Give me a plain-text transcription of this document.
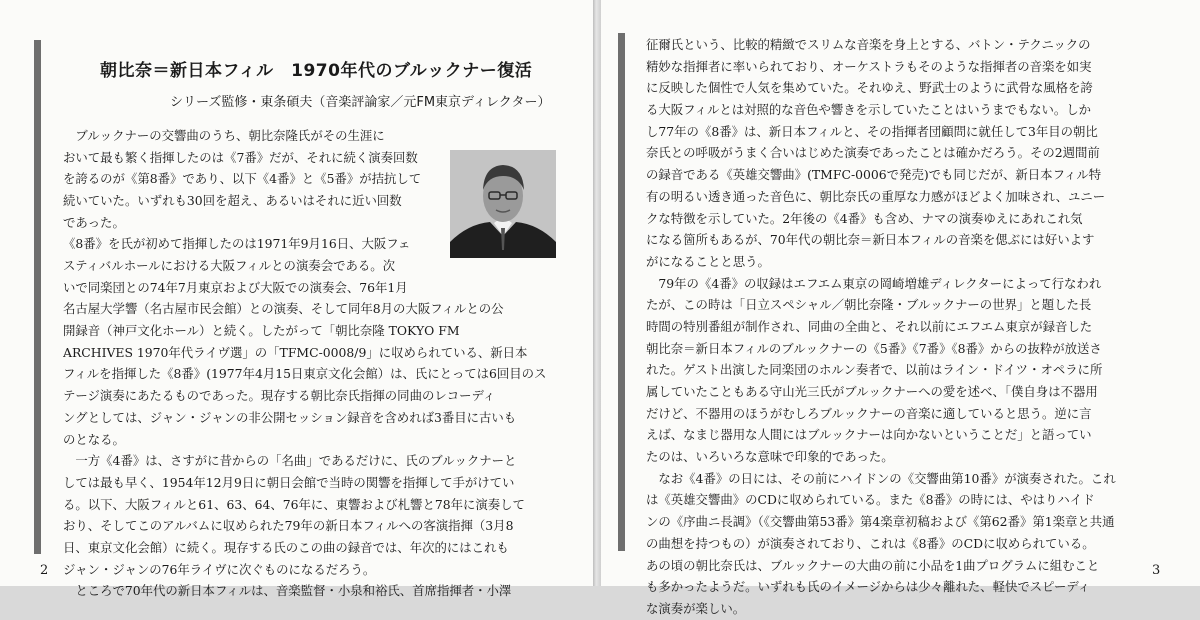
朝比奈＝新日本フィル　1970年代のブルックナー復活
シリーズ監修・東条碩夫（音楽評論家／元FM東京ディレクター）
　ブルックナーの交響曲のうち、朝比奈隆氏がその生涯に
おいて最も繁く指揮したのは《7番》だが、それに続く演奏回数
を誇るのが《第8番》であり、以下《4番》と《5番》が拮抗して
続いていた。いずれも30回を超え、あるいはそれに近い回数
であった。
《8番》を氏が初めて指揮したのは1971年9月16日、大阪フェ
スティバルホールにおける大阪フィルとの演奏会である。次
いで同楽団との74年7月東京および大阪での演奏会、76年1月
名古屋大学響（名古屋市民会館）との演奏、そして同年8月の大阪フィルとの公
開録音（神戸文化ホール）と続く。したがって「朝比奈隆 TOKYO FM
ARCHIVES 1970年代ライヴ選」の「TFMC-0008/9」に収められている、新日本
フィルを指揮した《8番》(1977年4月15日東京文化会館）は、氏にとっては6回目のス
テージ演奏にあたるものであった。現存する朝比奈氏指揮の同曲のレコーディ
ングとしては、ジャン・ジャンの非公開セッション録音を含めれば3番目に古いも
のとなる。
　一方《4番》は、さすがに昔からの「名曲」であるだけに、氏のブルックナーと
しては最も早く、1954年12月9日に朝日会館で当時の関響を指揮して手がけてい
る。以下、大阪フィルと61、63、64、76年に、東響および札響と78年に演奏して
おり、そしてこのアルバムに収められた79年の新日本フィルへの客演指揮（3月8
日、東京文化会館）に続く。現存する氏のこの曲の録音では、年次的にはこれも
ジャン・ジャンの76年ライヴに次ぐものになるだろう。
　ところで70年代の新日本フィルは、音楽監督・小泉和裕氏、首席指揮者・小澤
2
征爾氏という、比較的精緻でスリムな音楽を身上とする、バトン・テクニックの
精妙な指揮者に率いられており、オーケストラもそのような指揮者の音楽を如実
に反映した個性で人気を集めていた。それゆえ、野武士のように武骨な風格を誇
る大阪フィルとは対照的な音色や響きを示していたことはいうまでもない。しか
し77年の《8番》は、新日本フィルと、その指揮者団顧問に就任して3年目の朝比
奈氏との呼吸がうまく合いはじめた演奏であったことは確かだろう。その2週間前
の録音である《英雄交響曲》(TMFC-0006で発売)でも同じだが、新日本フィル特
有の明るい透き通った音色に、朝比奈氏の重厚な力感がほどよく加味され、ユニー
クな特徴を示していた。2年後の《4番》も含め、ナマの演奏ゆえにあれこれ気
になる箇所もあるが、70年代の朝比奈＝新日本フィルの音楽を偲ぶには好いよす
がになることと思う。
　79年の《4番》の収録はエフエム東京の岡崎増雄ディレクターによって行なわれ
たが、この時は「日立スペシャル／朝比奈隆・ブルックナーの世界」と題した長
時間の特別番組が制作され、同曲の全曲と、それ以前にエフエム東京が録音した
朝比奈＝新日本フィルのブルックナーの《5番》《7番》《8番》からの抜粋が放送さ
れた。ゲスト出演した同楽団のホルン奏者で、以前はライン・ドイツ・オペラに所
属していたこともある守山光三氏がブルックナーへの愛を述べ、「僕自身は不器用
だけど、不器用のほうがむしろブルックナーの音楽に適していると思う。逆に言
えば、なまじ器用な人間にはブルックナーは向かないということだ」と語ってい
たのは、いろいろな意味で印象的であった。
　なお《4番》の日には、その前にハイドンの《交響曲第10番》が演奏された。これ
は《英雄交響曲》のCDに収められている。また《8番》の時には、やはりハイド
ンの《序曲ニ長調》（《交響曲第53番》第4楽章初稿および《第62番》第1楽章と共通
の曲想を持つもの）が演奏されており、これは《8番》のCDに収められている。
あの頃の朝比奈氏は、ブルックナーの大曲の前に小品を1曲プログラムに組むこと
も多かったようだ。いずれも氏のイメージからは少々離れた、軽快でスピーディ
な演奏が楽しい。
3
